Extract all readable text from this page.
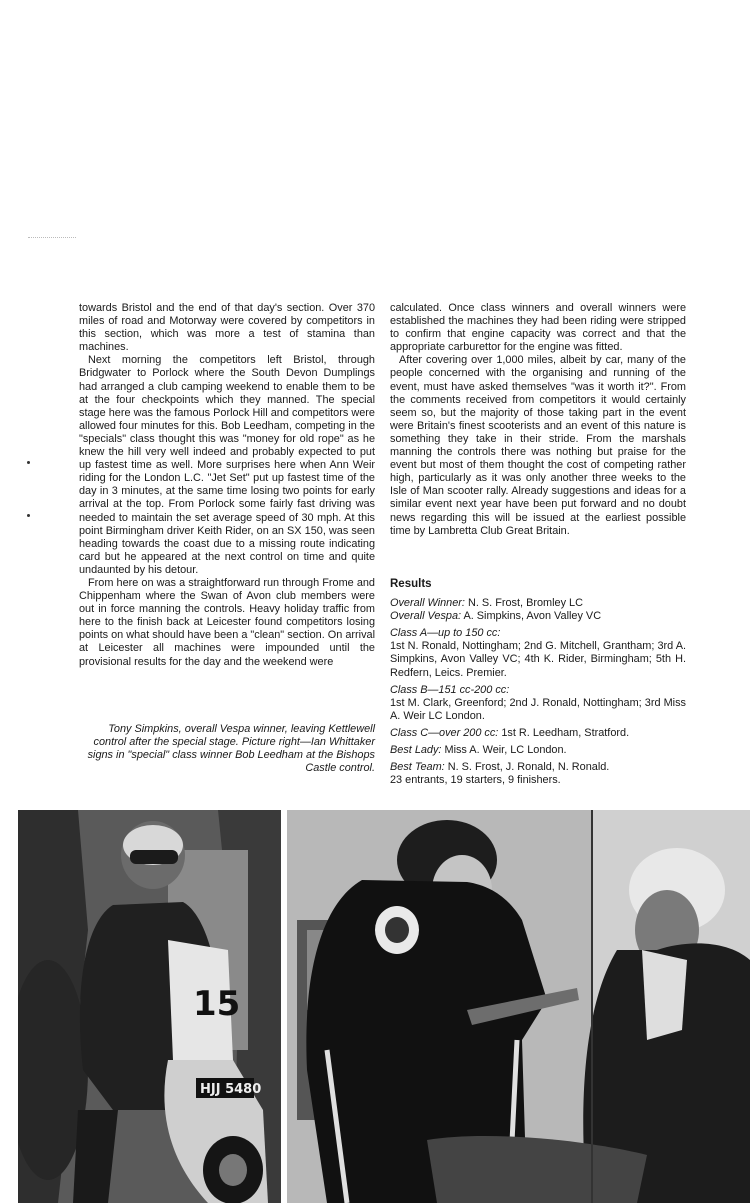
towards Bristol and the end of that day's section. Over 370 miles of road and Motorway were covered by competitors in this section, which was more a test of stamina than machines.

Next morning the competitors left Bristol, through Bridgwater to Porlock where the South Devon Dumplings had arranged a club camping weekend to enable them to be at the four checkpoints which they manned. The special stage here was the famous Porlock Hill and competitors were allowed four minutes for this. Bob Leedham, competing in the "specials" class thought this was "money for old rope" as he knew the hill very well indeed and probably expected to put up fastest time as well. More surprises here when Ann Weir riding for the London L.C. "Jet Set" put up fastest time of the day in 3 minutes, at the same time losing two points for early arrival at the top. From Porlock some fairly fast driving was needed to maintain the set average speed of 30 mph. At this point Birmingham driver Keith Rider, on an SX 150, was seen heading towards the coast due to a missing route indicating card but he appeared at the next control on time and quite undaunted by his detour.

From here on was a straightforward run through Frome and Chippenham where the Swan of Avon club members were out in force manning the controls. Heavy holiday traffic from here to the finish back at Leicester found competitors losing points on what should have been a "clean" section. On arrival at Leicester all machines were impounded until the provisional results for the day and the weekend were

Tony Simpkins, overall Vespa winner, leaving Kettlewell control after the special stage. Picture right—Ian Whittaker signs in "special" class winner Bob Leedham at the Bishops Castle control.

calculated. Once class winners and overall winners were established the machines they had been riding were stripped to confirm that engine capacity was correct and that the appropriate carburettor for the engine was fitted.

After covering over 1,000 miles, albeit by car, many of the people concerned with the organising and running of the event, must have asked themselves "was it worth it?". From the comments received from competitors it would certainly seem so, but the majority of those taking part in the event were Britain's finest scooterists and an event of this nature is something they take in their stride. From the marshals manning the controls there was nothing but praise for the event but most of them thought the cost of competing rather high, particularly as it was only another three weeks to the Isle of Man scooter rally. Already suggestions and ideas for a similar event next year have been put forward and no doubt news regarding this will be issued at the earliest possible time by Lambretta Club Great Britain.

Results

Overall Winner: N. S. Frost, Bromley LC

Overall Vespa: A. Simpkins, Avon Valley VC

Class A—up to 150 cc:

1st N. Ronald, Nottingham; 2nd G. Mitchell, Grantham; 3rd A. Simpkins, Avon Valley VC; 4th K. Rider, Birmingham; 5th H. Redfern, Leics. Premier.

Class B—151 cc-200 cc:

1st M. Clark, Greenford; 2nd J. Ronald, Nottingham; 3rd Miss A. Weir LC London.

Class C—over 200 cc: 1st R. Leedham, Stratford.

Best Lady: Miss A. Weir, LC London.

Best Team: N. S. Frost, J. Ronald, N. Ronald.

23 entrants, 19 starters, 9 finishers.

15
HJJ 5480
